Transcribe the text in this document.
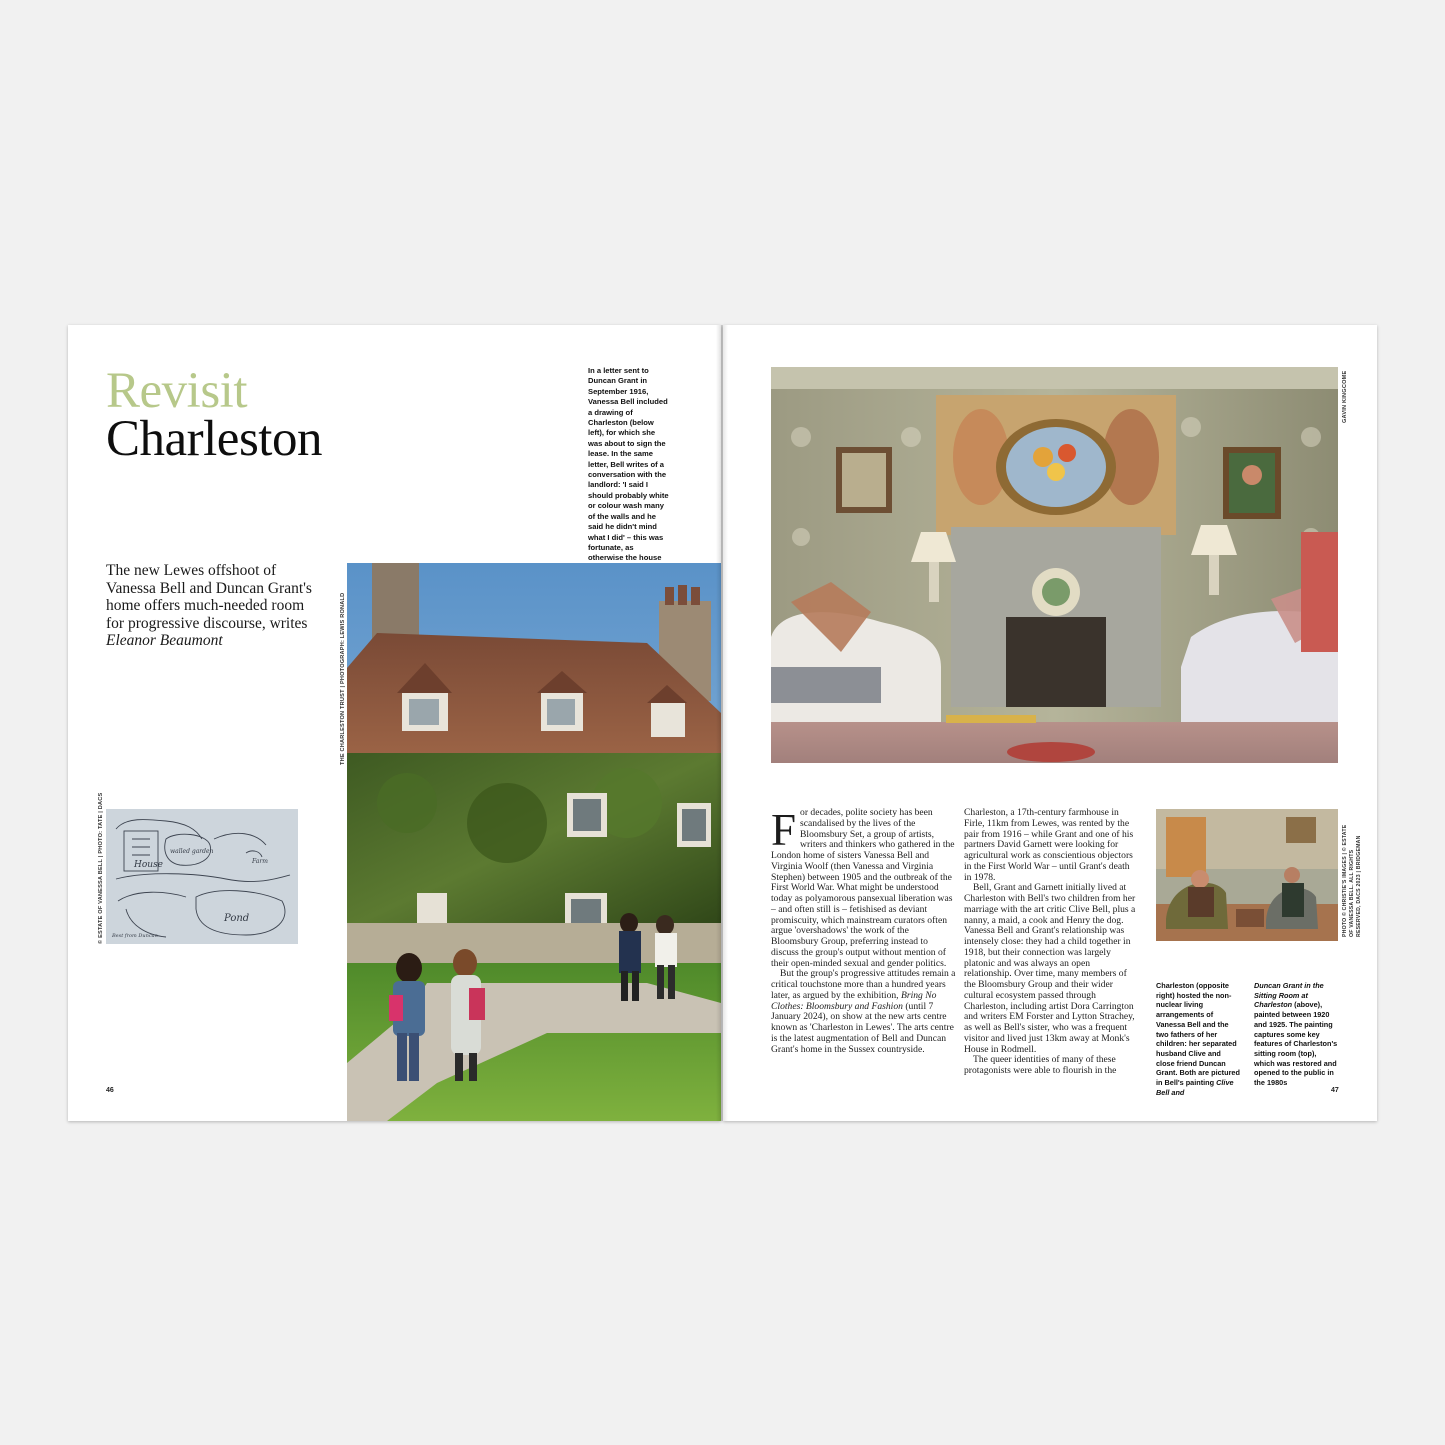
Revisit
Charleston
In a letter sent to Duncan Grant in September 1916, Vanessa Bell included a drawing of Charleston (below left), for which she was about to sign the lease. In the same letter, Bell writes of a conversation with the landlord: 'I said I should probably white or colour wash many of the walls and he said he didn't mind what I did' – this was fortunate, as otherwise the house
The new Lewes offshoot of Vanessa Bell and Duncan Grant's home offers much-needed room for progressive discourse, writes Eleanor Beaumont	THE CHARLESTON TRUST | PHOTOGRAPH: LEWIS RONALD
© ESTATE OF VANESSA BELL | PHOTO: TATE | DACS	House
Pond
walled garden
Farm
Best from Duncan
46
GAVIN KINGCOME

For decades, polite society has been scandalised by the lives of the Bloomsbury Set, a group of artists, writers and thinkers who gathered in the London home of sisters Vanessa Bell and Virginia Woolf (then Vanessa and Virginia Stephen) between 1905 and the outbreak of the First World War. What might be understood today as polyamorous pansexual liberation was – and often still is – fetishised as deviant promiscuity, which mainstream curators often argue 'overshadows' the work of the Bloomsbury Group, preferring instead to discuss the group's output without mention of their open-minded sexual and gender politics.

But the group's progressive attitudes remain a critical touchstone more than a hundred years later, as argued by the exhibition, Bring No Clothes: Bloomsbury and Fashion (until 7 January 2024), on show at the new arts centre known as 'Charleston in Lewes'. The arts centre is the latest augmentation of Bell and Duncan Grant's home in the Sussex countryside.

Charleston, a 17th-century farmhouse in Firle, 11km from Lewes, was rented by the pair from 1916 – while Grant and one of his partners David Garnett were looking for agricultural work as conscientious objectors in the First World War – until Grant's death in 1978.

Bell, Grant and Garnett initially lived at Charleston with Bell's two children from her marriage with the art critic Clive Bell, plus a nanny, a maid, a cook and Henry the dog. Vanessa Bell and Grant's relationship was intensely close: they had a child together in 1918, but their connection was largely platonic and was always an open relationship. Over time, many members of the Bloomsbury Group and their wider cultural ecosystem passed through Charleston, including artist Dora Carrington and writers EM Forster and Lytton Strachey, as well as Bell's sister, who was a frequent visitor and lived just 13km away at Monk's House in Rodmell.

The queer identities of many of these protagonists were able to flourish in the

PHOTO © CHRISTIE'S IMAGES | © ESTATE OF VANESSA BELL. ALL RIGHTS RESERVED, DACS 2023 | BRIDGEMAN
Charleston (opposite right) hosted the non-nuclear living arrangements of Vanessa Bell and the two fathers of her children: her separated husband Clive and close friend Duncan Grant. Both are pictured in Bell's painting Clive Bell and
Duncan Grant in the Sitting Room at Charleston (above), painted between 1920 and 1925. The painting captures some key features of Charleston's sitting room (top), which was restored and opened to the public in the 1980s
47
